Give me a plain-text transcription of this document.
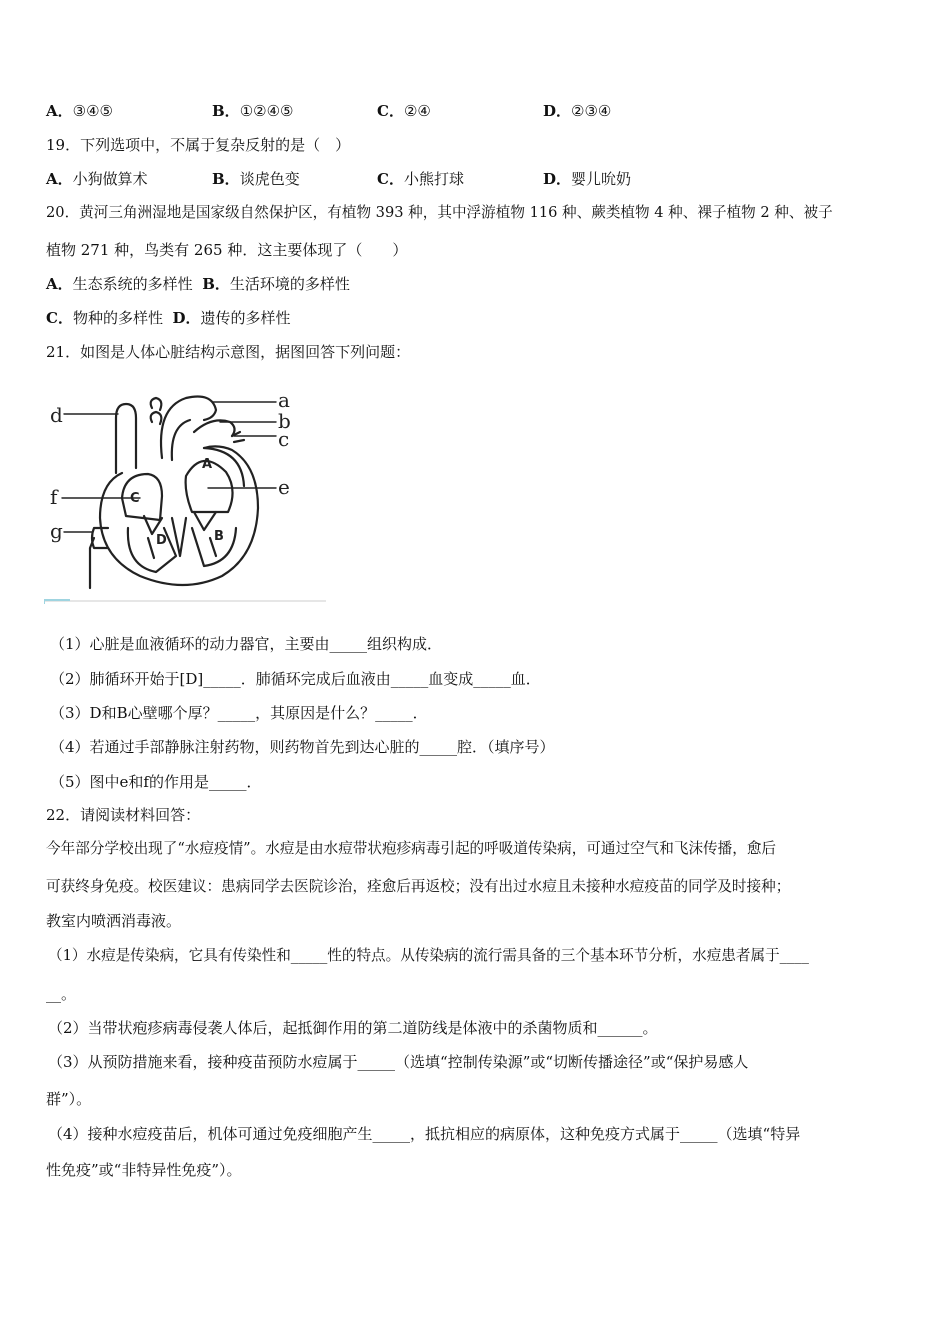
A．③④⑤	B．①②④⑤	C．②④	D．②③④
19．下列选项中，不属于复杂反射的是（　）
A．小狗做算术	B．谈虎色变	C．小熊打球	D．婴儿吮奶
20．黄河三角洲湿地是国家级自然保护区，有植物 393 种，其中浮游植物 116 种、蕨类植物 4 种、裸子植物 2 种、被子
植物 271 种，鸟类有 265 种．这主要体现了（　　）
A．生态系统的多样性 B．生活环境的多样性
C．物种的多样性 D．遗传的多样性
21．如图是人体心脏结构示意图，据图回答下列问题：
d
a
b
c
e
f
g
C
A
D	B
（1）心脏是血液循环的动力器官，主要由_____组织构成．
（2）肺循环开始于[D]_____．肺循环完成后血液由_____血变成_____血．
（3）D和B心壁哪个厚？_____，其原因是什么？_____．
（4）若通过手部静脉注射药物，则药物首先到达心脏的_____腔．（填序号）
（5）图中e和f的作用是_____．
22．请阅读材料回答：
今年部分学校出现了“水痘疫情”。水痘是由水痘带状疱疹病毒引起的呼吸道传染病，可通过空气和飞沫传播，愈后
可获终身免疫。校医建议：患病同学去医院诊治，痊愈后再返校；没有出过水痘且未接种水痘疫苗的同学及时接种；
教室内喷洒消毒液。
（1）水痘是传染病，它具有传染性和_____性的特点。从传染病的流行需具备的三个基本环节分析，水痘患者属于____
__。
（2）当带状疱疹病毒侵袭人体后，起抵御作用的第二道防线是体液中的杀菌物质和______。
（3）从预防措施来看，接种疫苗预防水痘属于_____（选填“控制传染源”或“切断传播途径”或“保护易感人
群”）。
（4）接种水痘疫苗后，机体可通过免疫细胞产生_____，抵抗相应的病原体，这种免疫方式属于_____（选填“特异
性免疫”或“非特异性免疫”）。
